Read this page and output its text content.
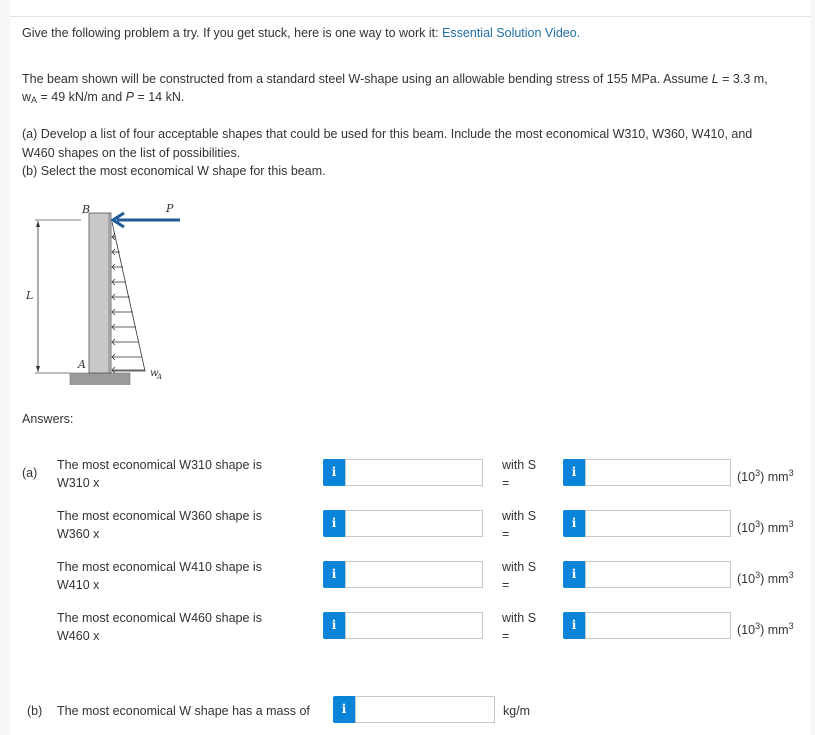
Give the following problem a try. If you get stuck, here is one way to work it: Essential Solution Video.
The beam shown will be constructed from a standard steel W-shape using an allowable bending stress of 155 MPa. Assume L = 3.3 m,
$w_A = 49$ kN/m and P = 14 kN.
(a) Develop a list of four acceptable shapes that could be used for this beam. Include the most economical W310, W360, W410, and
W460 shapes on the list of possibilities.
(b) Select the most economical W shape for this beam.
L
B	P
A
w
A
Answers:
(a)
The most economical W310 shape is
W310 x
i	with S
=
i	$(10^3)$ $mm^3$
The most economical W360 shape is
W360 x
i	with S
=
i	$(10^3)$ $mm^3$
The most economical W410 shape is
W410 x
i	with S
=
i	$(10^3)$ $mm^3$
The most economical W460 shape is
W460 x
i	with S
=
i	$(10^3)$ $mm^3$
(b) The most economical W shape has a mass of	i	kg/m
